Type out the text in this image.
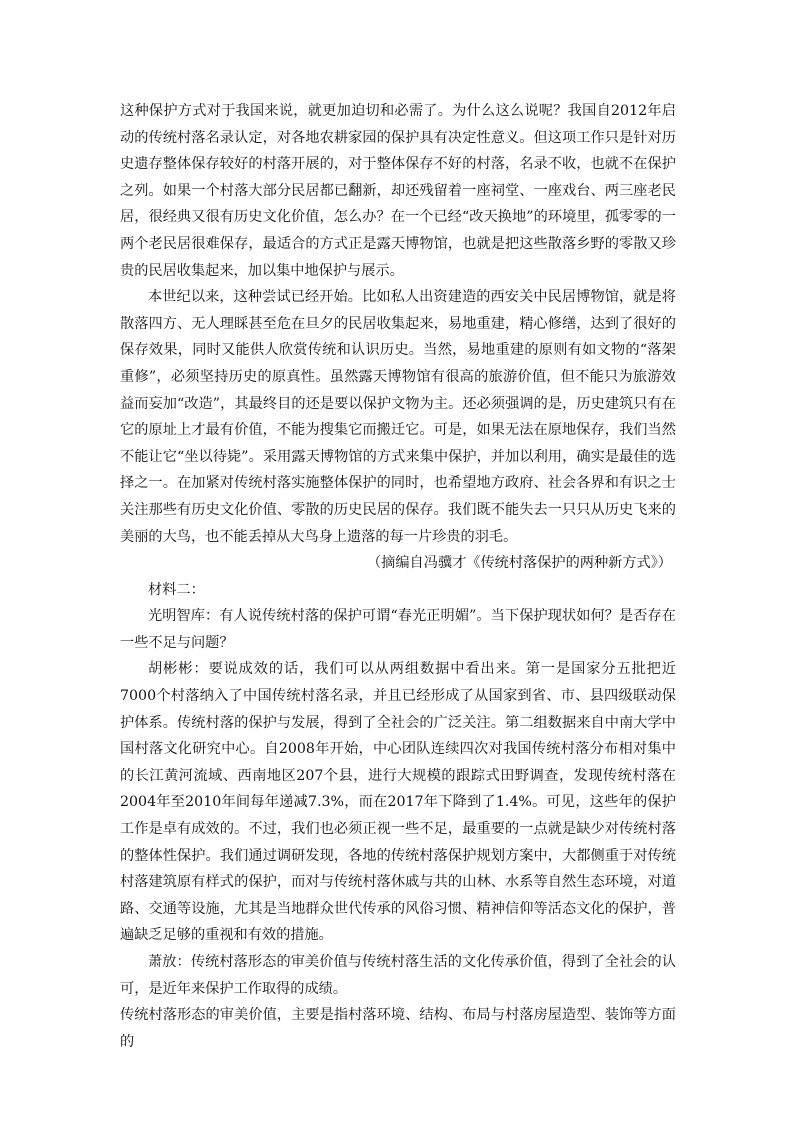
这种保护方式对于我国来说，就更加迫切和必需了。为什么这么说呢？我国自2012年启动的传统村落名录认定，对各地农耕家园的保护具有决定性意义。但这项工作只是针对历史遗存整体保存较好的村落开展的，对于整体保存不好的村落，名录不收，也就不在保护之列。如果一个村落大部分民居都已翻新，却还残留着一座祠堂、一座戏台、两三座老民居，很经典又很有历史文化价值，怎么办？在一个已经“改天换地”的环境里，孤零零的一两个老民居很难保存，最适合的方式正是露天博物馆，也就是把这些散落乡野的零散又珍贵的民居收集起来，加以集中地保护与展示。

本世纪以来，这种尝试已经开始。比如私人出资建造的西安关中民居博物馆，就是将散落四方、无人理睬甚至危在旦夕的民居收集起来，易地重建，精心修缮，达到了很好的保存效果，同时又能供人欣赏传统和认识历史。当然，易地重建的原则有如文物的“落架重修”，必须坚持历史的原真性。虽然露天博物馆有很高的旅游价值，但不能只为旅游效益而妄加“改造”，其最终目的还是要以保护文物为主。还必须强调的是，历史建筑只有在它的原址上才最有价值，不能为搜集它而搬迁它。可是，如果无法在原地保存，我们当然不能让它“坐以待毙”。采用露天博物馆的方式来集中保护，并加以利用，确实是最佳的选择之一。在加紧对传统村落实施整体保护的同时，也希望地方政府、社会各界和有识之士关注那些有历史文化价值、零散的历史民居的保存。我们既不能失去一只只从历史飞来的美丽的大鸟，也不能丢掉从大鸟身上遗落的每一片珍贵的羽毛。

（摘编自冯骥才《传统村落保护的两种新方式》）

材料二：

光明智库：有人说传统村落的保护可谓“春光正明媚”。当下保护现状如何？是否存在一些不足与问题？

胡彬彬：要说成效的话，我们可以从两组数据中看出来。第一是国家分五批把近7000个村落纳入了中国传统村落名录，并且已经形成了从国家到省、市、县四级联动保护体系。传统村落的保护与发展，得到了全社会的广泛关注。第二组数据来自中南大学中国村落文化研究中心。自2008年开始，中心团队连续四次对我国传统村落分布相对集中的长江黄河流域、西南地区207个县，进行大规模的跟踪式田野调查，发现传统村落在2004年至2010年间每年递减7.3%，而在2017年下降到了1.4%。可见，这些年的保护工作是卓有成效的。不过，我们也必须正视一些不足，最重要的一点就是缺少对传统村落的整体性保护。我们通过调研发现，各地的传统村落保护规划方案中，大都侧重于对传统村落建筑原有样式的保护，而对与传统村落休戚与共的山林、水系等自然生态环境，对道路、交通等设施，尤其是当地群众世代传承的风俗习惯、精神信仰等活态文化的保护，普遍缺乏足够的重视和有效的措施。

萧放：传统村落形态的审美价值与传统村落生活的文化传承价值，得到了全社会的认可，是近年来保护工作取得的成绩。

传统村落形态的审美价值，主要是指村落环境、结构、布局与村落房屋造型、装饰等方面的
